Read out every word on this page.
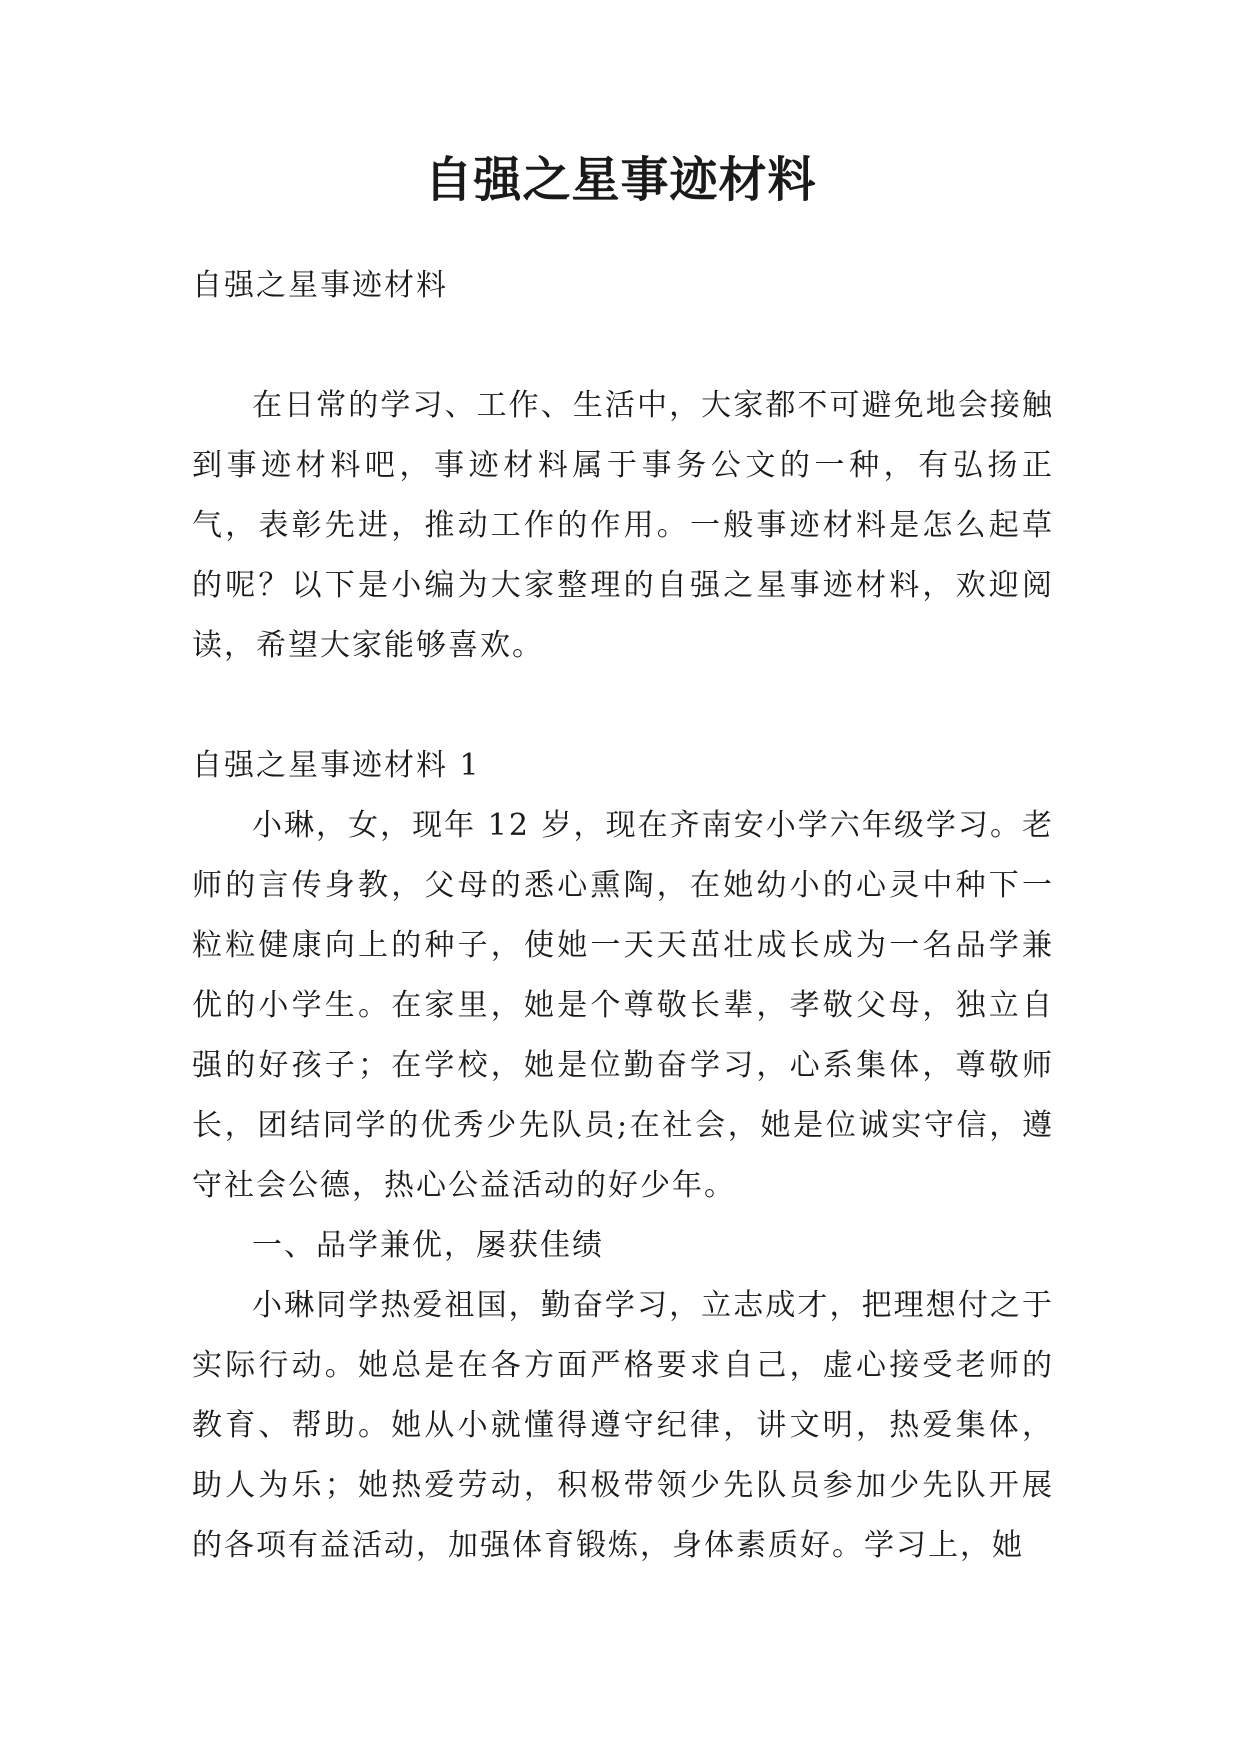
自强之星事迹材料

自强之星事迹材料

在日常的学习、工作、生活中，大家都不可避免地会接触到事迹材料吧，事迹材料属于事务公文的一种，有弘扬正气，表彰先进，推动工作的作用。一般事迹材料是怎么起草的呢？以下是小编为大家整理的自强之星事迹材料，欢迎阅读，希望大家能够喜欢。

自强之星事迹材料 1

小琳，女，现年 12 岁，现在齐南安小学六年级学习。老师的言传身教，父母的悉心熏陶，在她幼小的心灵中种下一粒粒健康向上的种子，使她一天天茁壮成长成为一名品学兼优的小学生。在家里，她是个尊敬长辈，孝敬父母，独立自强的好孩子；在学校，她是位勤奋学习，心系集体，尊敬师长，团结同学的优秀少先队员;在社会，她是位诚实守信，遵守社会公德，热心公益活动的好少年。

一、品学兼优，屡获佳绩

小琳同学热爱祖国，勤奋学习，立志成才，把理想付之于实际行动。她总是在各方面严格要求自己，虚心接受老师的教育、帮助。她从小就懂得遵守纪律，讲文明，热爱集体，助人为乐；她热爱劳动，积极带领少先队员参加少先队开展的各项有益活动，加强体育锻炼，身体素质好。学习上，她
